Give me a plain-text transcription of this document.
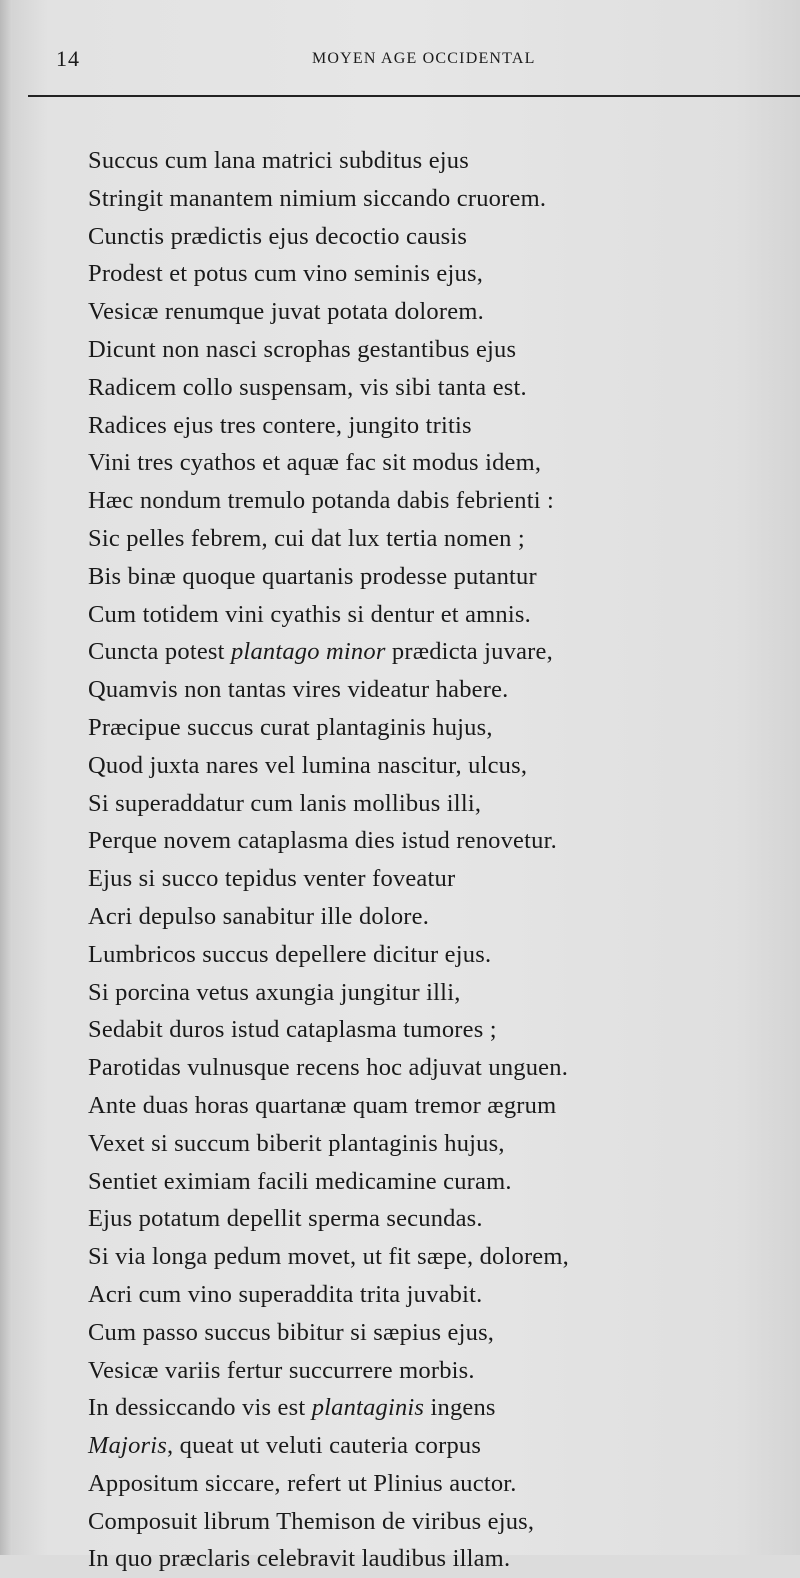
14	MOYEN AGE OCCIDENTAL
Succus cum lana matrici subditus ejus
Stringit manantem nimium siccando cruorem.
Cunctis prædictis ejus decoctio causis
Prodest et potus cum vino seminis ejus,
Vesicæ renumque juvat potata dolorem.
Dicunt non nasci scrophas gestantibus ejus
Radicem collo suspensam, vis sibi tanta est.
Radices ejus tres contere, jungito tritis
Vini tres cyathos et aquæ fac sit modus idem,
Hæc nondum tremulo potanda dabis febrienti :
Sic pelles febrem, cui dat lux tertia nomen ;
Bis binæ quoque quartanis prodesse putantur
Cum totidem vini cyathis si dentur et amnis.
Cuncta potest plantago minor prædicta juvare,
Quamvis non tantas vires videatur habere.
Præcipue succus curat plantaginis hujus,
Quod juxta nares vel lumina nascitur, ulcus,
Si superaddatur cum lanis mollibus illi,
Perque novem cataplasma dies istud renovetur.
Ejus si succo tepidus venter foveatur
Acri depulso sanabitur ille dolore.
Lumbricos succus depellere dicitur ejus.
Si porcina vetus axungia jungitur illi,
Sedabit duros istud cataplasma tumores ;
Parotidas vulnusque recens hoc adjuvat unguen.
Ante duas horas quartanæ quam tremor ægrum
Vexet si succum biberit plantaginis hujus,
Sentiet eximiam facili medicamine curam.
Ejus potatum depellit sperma secundas.
Si via longa pedum movet, ut fit sæpe, dolorem,
Acri cum vino superaddita trita juvabit.
Cum passo succus bibitur si sæpius ejus,
Vesicæ variis fertur succurrere morbis.
In dessiccando vis est plantaginis ingens
Majoris, queat ut veluti cauteria corpus
Appositum siccare, refert ut Plinius auctor.
Composuit librum Themison de viribus ejus,
In quo præclaris celebravit laudibus illam.
